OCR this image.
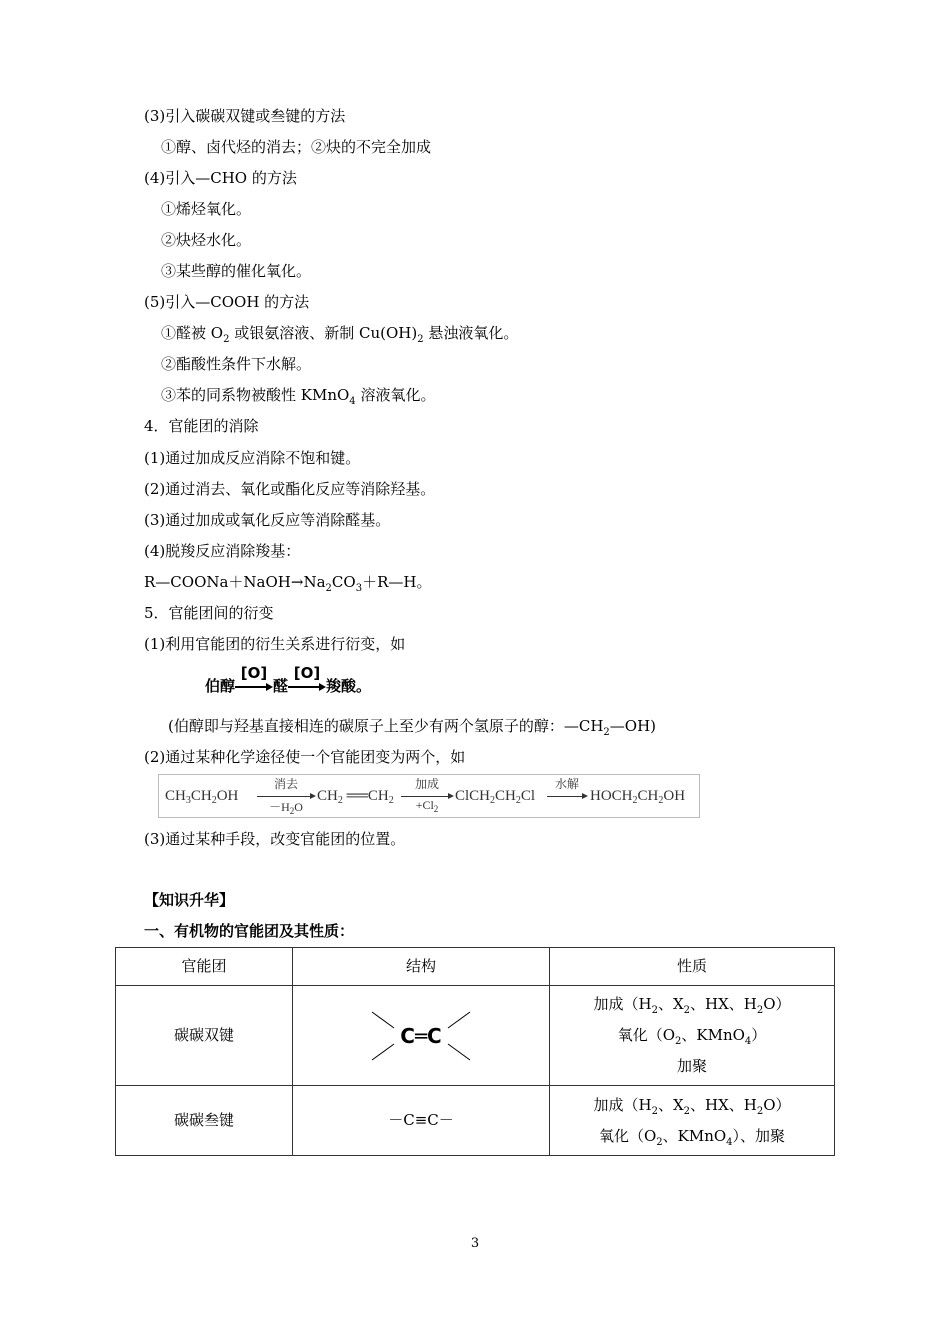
(3)引入碳碳双键或叁键的方法
①醇、卤代烃的消去；②炔的不完全加成
(4)引入—CHO 的方法
①烯烃氧化。
②炔烃水化。
③某些醇的催化氧化。
(5)引入—COOH 的方法
①醛被 $O_2$ 或银氨溶液、新制 $Cu(OH)_2$ 悬浊液氧化。
②酯酸性条件下水解。
③苯的同系物被酸性 KMnO$_4$ 溶液氧化。
4．官能团的消除
(1)通过加成反应消除不饱和键。
(2)通过消去、氧化或酯化反应等消除羟基。
(3)通过加成或氧化反应等消除醛基。
(4)脱羧反应消除羧基：
$R—COONa+NaOH\to Na_2CO_3+R—H$。
5．官能团间的衍变
(1)利用官能团的衍生关系进行衍变，如
伯醇
[O]
醛
[O]
羧酸。
(伯醇即与羟基直接相连的碳原子上至少有两个氢原子的醇：$—CH_2—OH$)
(2)通过某种化学途径使一个官能团变为两个，如
$CH_3CH_2OH$
消去
$-H_2O$
$CH_2$ $══CH_2$
加成
$+Cl_2$
$ClCH_2CH_2Cl$
水解
$HOCH_2CH_2OH$
(3)通过某种手段，改变官能团的位置。
【知识升华】
一、有机物的官能团及其性质：
官能团	结构	性质
碳碳双键	C═C	加成（$H_2$、$X_2$、HX、$H_2O$）
氧化（$O_2$、KMnO$_4$）
加聚

碳碳叁键	－C≡C－	加成（$H_2$、$X_2$、HX、$H_2O$）
氧化（$O_2$、KMnO$_4$）、加聚
3
